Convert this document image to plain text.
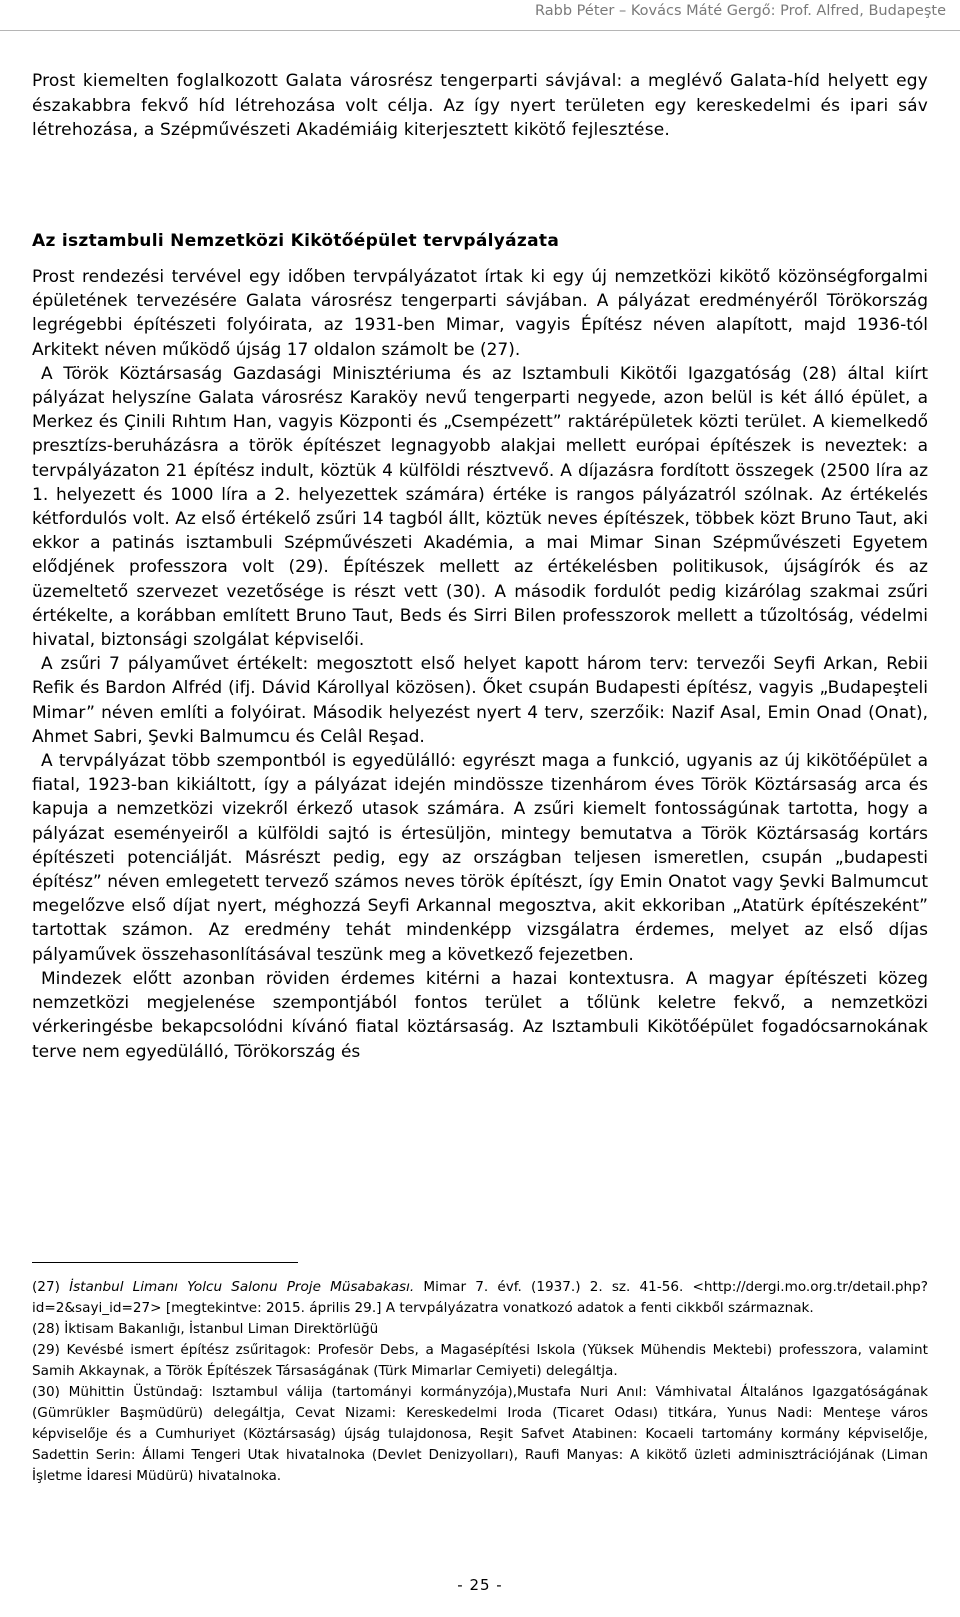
Rabb Péter – Kovács Máté Gergő: Prof. Alfred, Budapeşte

Prost kiemelten foglalkozott Galata városrész tengerparti sávjával: a meglévő Galata-híd helyett egy északabbra fekvő híd létrehozása volt célja. Az így nyert területen egy kereskedelmi és ipari sáv létrehozása, a Szépművészeti Akadémiáig kiterjesztett kikötő fejlesztése.

Az isztambuli Nemzetközi Kikötőépület tervpályázata

Prost rendezési tervével egy időben tervpályázatot írtak ki egy új nemzetközi kikötő közönségforgalmi épületének tervezésére Galata városrész tengerparti sávjában. A pályázat eredményéről Törökország legrégebbi építészeti folyóirata, az 1931-ben Mimar, vagyis Építész néven alapított, majd 1936-tól Arkitekt néven működő újság 17 oldalon számolt be (27).

A Török Köztársaság Gazdasági Minisztériuma és az Isztambuli Kikötői Igazgatóság (28) által kiírt pályázat helyszíne Galata városrész Karaköy nevű tengerparti negyede, azon belül is két álló épület, a Merkez és Çinili Rıhtım Han, vagyis Központi és „Csempézett” raktárépületek közti terület. A kiemelkedő presztízs-beruházásra a török építészet legnagyobb alakjai mellett európai építészek is neveztek: a tervpályázaton 21 építész indult, köztük 4 külföldi résztvevő. A díjazásra fordított összegek (2500 líra az 1. helyezett és 1000 líra a 2. helyezettek számára) értéke is rangos pályázatról szólnak. Az értékelés kétfordulós volt. Az első értékelő zsűri 14 tagból állt, köztük neves építészek, többek közt Bruno Taut, aki ekkor a patinás isztambuli Szépművészeti Akadémia, a mai Mimar Sinan Szépművészeti Egyetem elődjének professzora volt (29). Építészek mellett az értékelésben politikusok, újságírók és az üzemeltető szervezet vezetősége is részt vett (30). A második fordulót pedig kizárólag szakmai zsűri értékelte, a korábban említett Bruno Taut, Beds és Sirri Bilen professzorok mellett a tűzoltóság, védelmi hivatal, biztonsági szolgálat képviselői.

A zsűri 7 pályaművet értékelt: megosztott első helyet kapott három terv: tervezői Seyfi Arkan, Rebii Refik és Bardon Alfréd (ifj. Dávid Károllyal közösen). Őket csupán Budapesti építész, vagyis „Budapeşteli Mimar” néven említi a folyóirat. Második helyezést nyert 4 terv, szerzőik: Nazif Asal, Emin Onad (Onat), Ahmet Sabri, Şevki Balmumcu és Celâl Reşad.

A tervpályázat több szempontból is egyedülálló: egyrészt maga a funkció, ugyanis az új kikötőépület a fiatal, 1923-ban kikiáltott, így a pályázat idején mindössze tizenhárom éves Török Köztársaság arca és kapuja a nemzetközi vizekről érkező utasok számára. A zsűri kiemelt fontosságúnak tartotta, hogy a pályázat eseményeiről a külföldi sajtó is értesüljön, mintegy bemutatva a Török Köztársaság kortárs építészeti potenciálját. Másrészt pedig, egy az országban teljesen ismeretlen, csupán „budapesti építész” néven emlegetett tervező számos neves török építészt, így Emin Onatot vagy Şevki Balmumcut megelőzve első díjat nyert, méghozzá Seyfi Arkannal megosztva, akit ekkoriban „Atatürk építészeként” tartottak számon. Az eredmény tehát mindenképp vizsgálatra érdemes, melyet az első díjas pályaművek összehasonlításával teszünk meg a következő fejezetben.

Mindezek előtt azonban röviden érdemes kitérni a hazai kontextusra. A magyar építészeti közeg nemzetközi megjelenése szempontjából fontos terület a tőlünk keletre fekvő, a nemzetközi vérkeringésbe bekapcsolódni kívánó fiatal köztársaság. Az Isztambuli Kikötőépület fogadócsarnokának terve nem egyedülálló, Törökország és

(27) İstanbul Limanı Yolcu Salonu Proje Müsabakası. Mimar 7. évf. (1937.) 2. sz. 41-56. <http://dergi.mo.org.tr/detail.php?id=2&sayi_id=27> [megtekintve: 2015. április 29.] A tervpályázatra vonatkozó adatok a fenti cikkből származnak.

(28) İktisam Bakanlığı, İstanbul Liman Direktörlüğü

(29) Kevésbé ismert építész zsűritagok: Profesör Debs, a Magasépítési Iskola (Yüksek Mühendis Mektebi) professzora, valamint Samih Akkaynak, a Török Építészek Társaságának (Türk Mimarlar Cemiyeti) delegáltja.

(30) Mühittin Üstündağ: Isztambul válija (tartományi kormányzója),Mustafa Nuri Anıl: Vámhivatal Általános Igazgatóságának (Gümrükler Başmüdürü) delegáltja, Cevat Nizami: Kereskedelmi Iroda (Ticaret Odası) titkára, Yunus Nadi: Menteşe város képviselője és a Cumhuriyet (Köztársaság) újság tulajdonosa, Reşit Safvet Atabinen: Kocaeli tartomány kormány képviselője, Sadettin Serin: Állami Tengeri Utak hivatalnoka (Devlet Denizyolları), Raufi Manyas: A kikötő üzleti adminisztrációjának (Liman İşletme İdaresi Müdürü) hivatalnoka.

- 25 -
